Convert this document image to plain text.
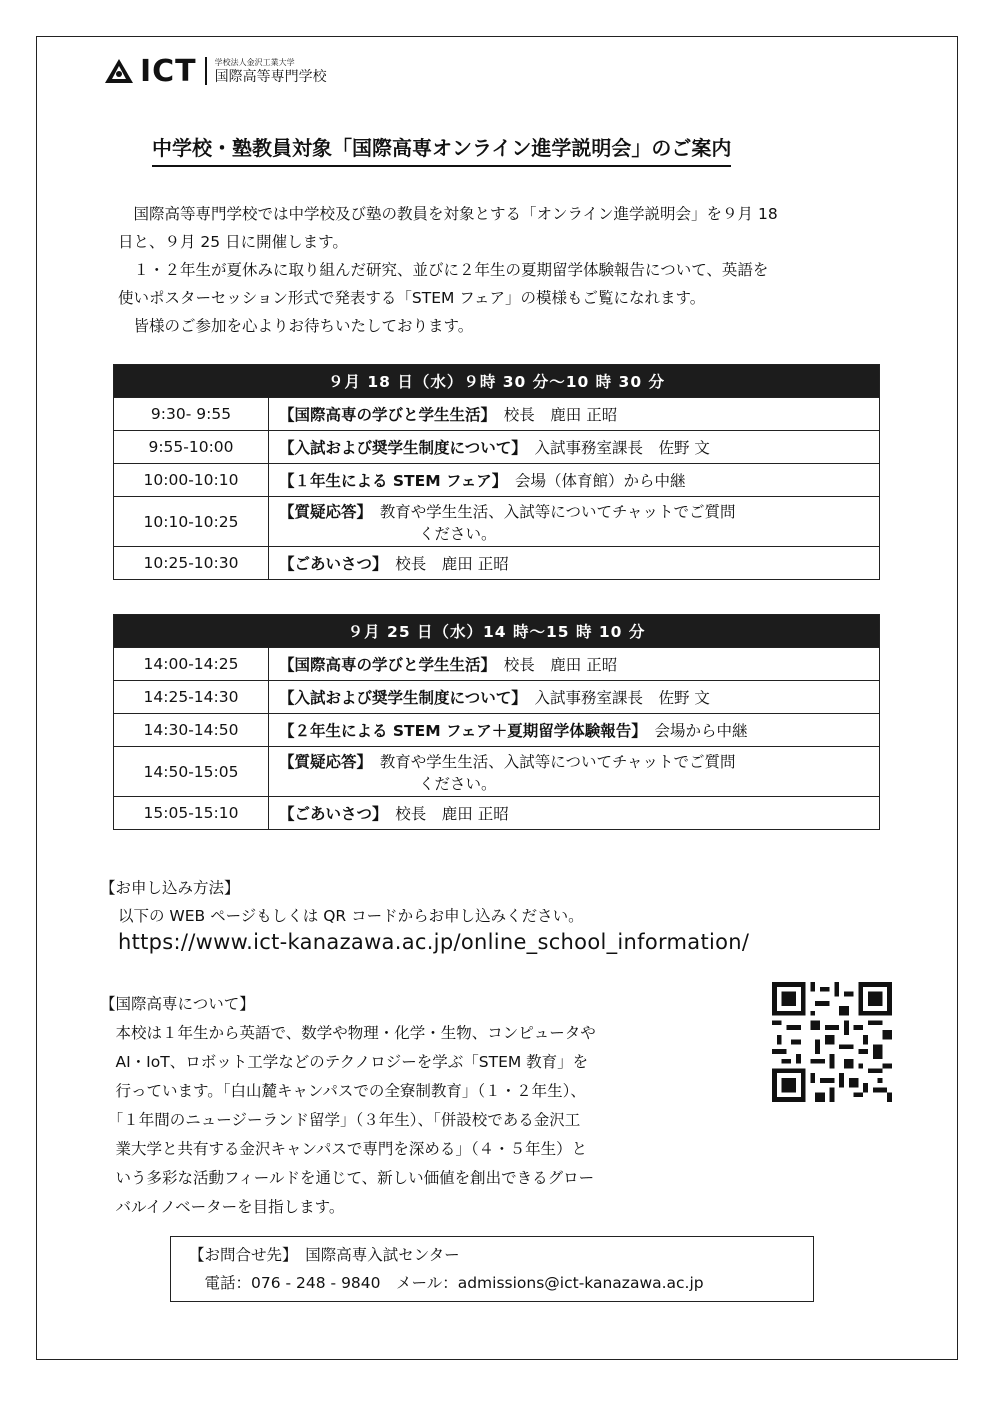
ICT 学校法人金沢工業大学
国際高等専門学校
中学校・塾教員対象「国際高専オンライン進学説明会」のご案内

　国際高等専門学校では中学校及び塾の教員を対象とする「オンライン進学説明会」を９月 18

日と、９月 25 日に開催します。

　１・２年生が夏休みに取り組んだ研究、並びに２年生の夏期留学体験報告について、英語を

使いポスターセッション形式で発表する「STEM フェア」の模様もご覧になれます。

　皆様のご参加を心よりお待ちいたしております。

９月 18 日（水）９時 30 分～10 時 30 分	
9:30- 9:55	【国際高専の学びと学生生活】　校長　鹿田 正昭
9:55-10:00	【入試および奨学生制度について】　入試事務室課長　佐野 文
10:00-10:10	【１年生による STEM フェア】　会場（体育館）から中継
10:10-10:25	【質疑応答】　教育や学生生活、入試等についてチャットでご質問
ください。
10:25-10:30	【ごあいさつ】　校長　鹿田 正昭
９月 25 日（水）14 時～15 時 10 分	
14:00-14:25	【国際高専の学びと学生生活】　校長　鹿田 正昭
14:25-14:30	【入試および奨学生制度について】　入試事務室課長　佐野 文
14:30-14:50	【２年生による STEM フェア＋夏期留学体験報告】　会場から中継
14:50-15:05	【質疑応答】　教育や学生生活、入試等についてチャットでご質問
ください。
15:05-15:10	【ごあいさつ】　校長　鹿田 正昭
【お申し込み方法】
以下の WEB ページもしくは QR コードからお申し込みください。
https://www.ict-kanazawa.ac.jp/online_school_information/
【国際高専について】
　本校は１年生から英語で、数学や物理・化学・生物、コンピュータや
　AI・IoT、ロボット工学などのテクノロジーを学ぶ「STEM 教育」を
　行っています。「白山麓キャンパスでの全寮制教育」（１・２年生）、
　「１年間のニュージーランド留学」（３年生）、「併設校である金沢工
　業大学と共有する金沢キャンパスで専門を深める」（４・５年生）と
　いう多彩な活動フィールドを通じて、新しい価値を創出できるグロー
　バルイノベーターを目指します。
【お問合せ先】　国際高専入試センター
　電話：076 - 248 - 9840　メール：admissions@ict-kanazawa.ac.jp
